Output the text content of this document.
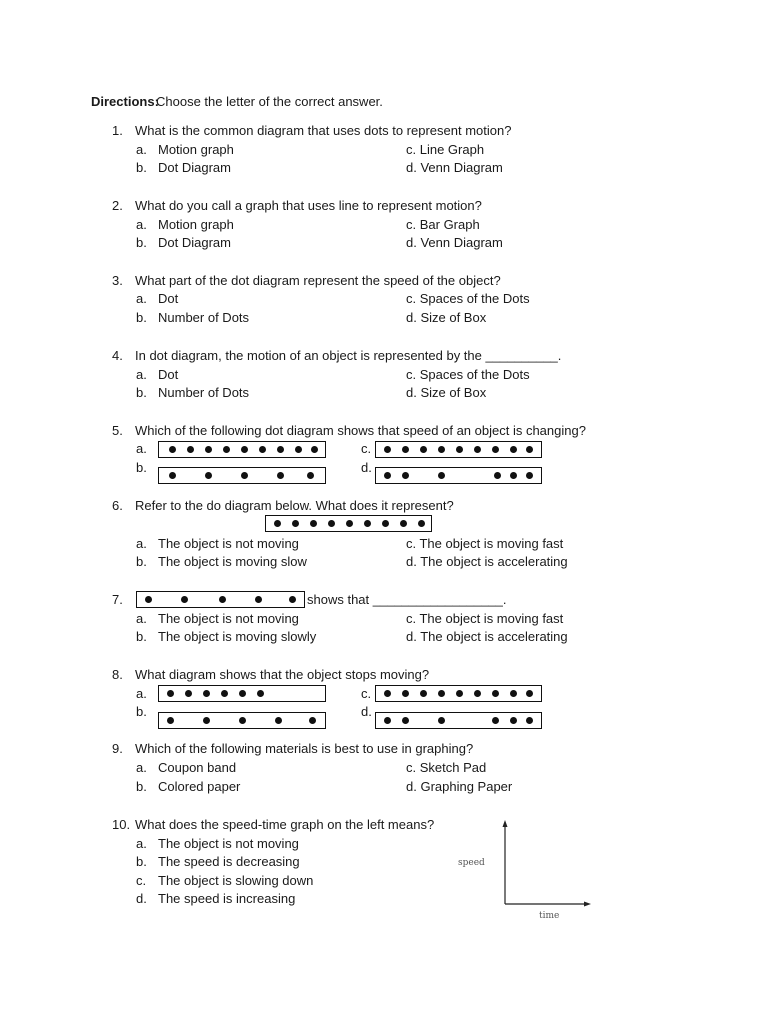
Directions:
Choose the letter of the correct answer.
1. What is the common diagram that uses dots to represent motion?
a. Motion graph	c. Line Graph
b. Dot Diagram	d. Venn Diagram
2. What do you call a graph that uses line to represent motion?
a. Motion graph	c. Bar Graph
b. Dot Diagram	d. Venn Diagram
3. What part of the dot diagram represent the speed of the object?
a. Dot	c. Spaces of the Dots
b. Number of Dots	d. Size of Box
4. In dot diagram, the motion of an object is represented by the __________.
a. Dot	c. Spaces of the Dots
b. Number of Dots	d. Size of Box
5. Which of the following dot diagram shows that speed of an object is changing?
a.
b.
c.
d.
6. Refer to the do diagram below. What does it represent?
a. The object is not moving	c. The object is moving fast
b. The object is moving slow	d. The object is accelerating
7.	shows that __________________.
a. The object is not moving	c. The object is moving fast
b. The object is moving slowly	d. The object is accelerating
8. What diagram shows that the object stops moving?
a.
b.
c.
d.
9. Which of the following materials is best to use in graphing?
a. Coupon band	c. Sketch Pad
b. Colored paper	d. Graphing Paper
10. What does the speed-time graph on the left means?
a. The object is not moving
b. The speed is decreasing
c. The object is slowing down
d. The speed is increasing
speed
time
